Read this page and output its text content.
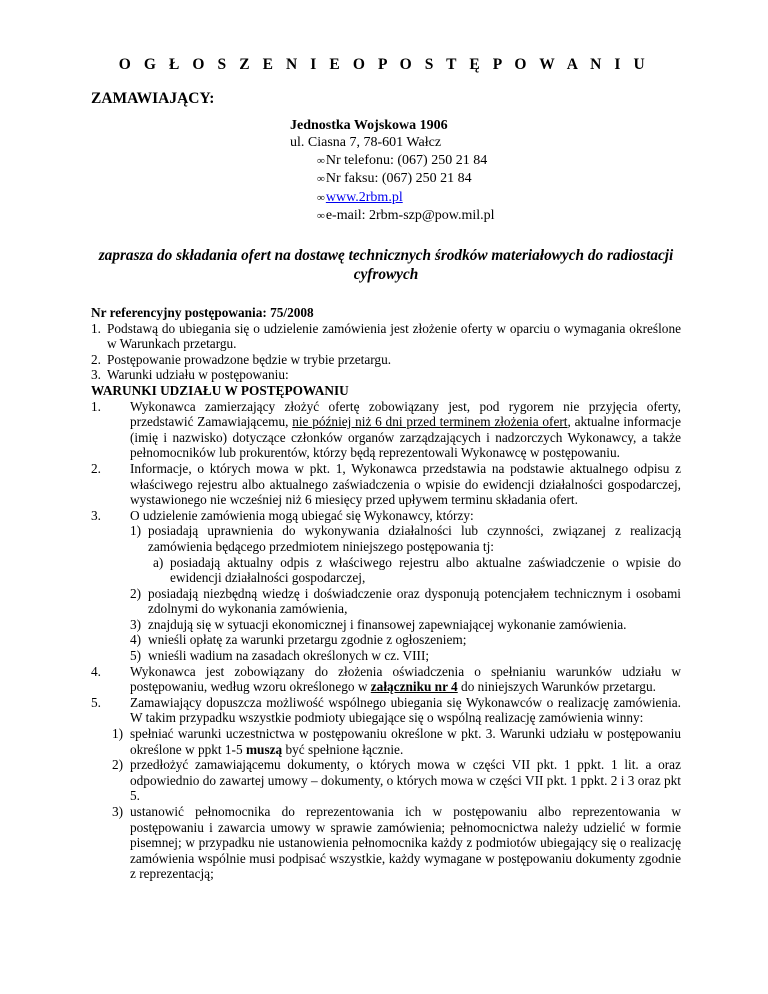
O G Ł O S Z E N I E O P O S T Ę P O W A N I U
ZAMAWIAJĄCY:
Jednostka Wojskowa 1906
ul. Ciasna 7, 78-601 Wałcz
∞Nr telefonu: (067) 250 21 84
∞Nr faksu: (067) 250 21 84
∞www.2rbm.pl
∞e-mail: 2rbm-szp@pow.mil.pl
zaprasza do składania ofert na dostawę technicznych środków materiałowych do radiostacji cyfrowych
Nr referencyjny postępowania: 75/2008
1. Podstawą do ubiegania się o udzielenie zamówienia jest złożenie oferty w oparciu o wymagania określone w Warunkach przetargu.
2. Postępowanie prowadzone będzie w trybie przetargu.
3. Warunki udziału w postępowaniu:
WARUNKI UDZIAŁU W POSTĘPOWANIU
1. Wykonawca zamierzający złożyć ofertę zobowiązany jest, pod rygorem nie przyjęcia oferty, przedstawić Zamawiającemu, nie później niż 6 dni przed terminem złożenia ofert, aktualne informacje (imię i nazwisko) dotyczące członków organów zarządzających i nadzorczych Wykonawcy, a także pełnomocników lub prokurentów, którzy będą reprezentowali Wykonawcę w postępowaniu.
2. Informacje, o których mowa w pkt. 1, Wykonawca przedstawia na podstawie aktualnego odpisu z właściwego rejestru albo aktualnego zaświadczenia o wpisie do ewidencji działalności gospodarczej, wystawionego nie wcześniej niż 6 miesięcy przed upływem terminu składania ofert.
3. O udzielenie zamówienia mogą ubiegać się Wykonawcy, którzy:
1) posiadają uprawnienia do wykonywania działalności lub czynności, związanej z realizacją zamówienia będącego przedmiotem niniejszego postępowania tj:
a) posiadają aktualny odpis z właściwego rejestru albo aktualne zaświadczenie o wpisie do ewidencji działalności gospodarczej,
2) posiadają niezbędną wiedzę i doświadczenie oraz dysponują potencjałem technicznym i osobami zdolnymi do wykonania zamówienia,
3) znajdują się w sytuacji ekonomicznej i finansowej zapewniającej wykonanie zamówienia.
4) wnieśli opłatę za warunki przetargu zgodnie z ogłoszeniem;
5) wnieśli wadium na zasadach określonych w cz. VIII;
4. Wykonawca jest zobowiązany do złożenia oświadczenia o spełnianiu warunków udziału w postępowaniu, według wzoru określonego w załączniku nr 4 do niniejszych Warunków przetargu.
5. Zamawiający dopuszcza możliwość wspólnego ubiegania się Wykonawców o realizację zamówienia. W takim przypadku wszystkie podmioty ubiegające się o wspólną realizację zamówienia winny:
1) spełniać warunki uczestnictwa w postępowaniu określone w pkt. 3. Warunki udziału w postępowaniu określone w ppkt 1-5 muszą być spełnione łącznie.
2) przedłożyć zamawiającemu dokumenty, o których mowa w części VII pkt. 1 ppkt. 1 lit. a oraz odpowiednio do zawartej umowy – dokumenty, o których mowa w części VII pkt. 1 ppkt. 2 i 3 oraz pkt 5.
3) ustanowić pełnomocnika do reprezentowania ich w postępowaniu albo reprezentowania w postępowaniu i zawarcia umowy w sprawie zamówienia; pełnomocnictwa należy udzielić w formie pisemnej; w przypadku nie ustanowienia pełnomocnika każdy z podmiotów ubiegający się o realizację zamówienia wspólnie musi podpisać wszystkie, każdy wymagane w postępowaniu dokumenty zgodnie z reprezentacją;
